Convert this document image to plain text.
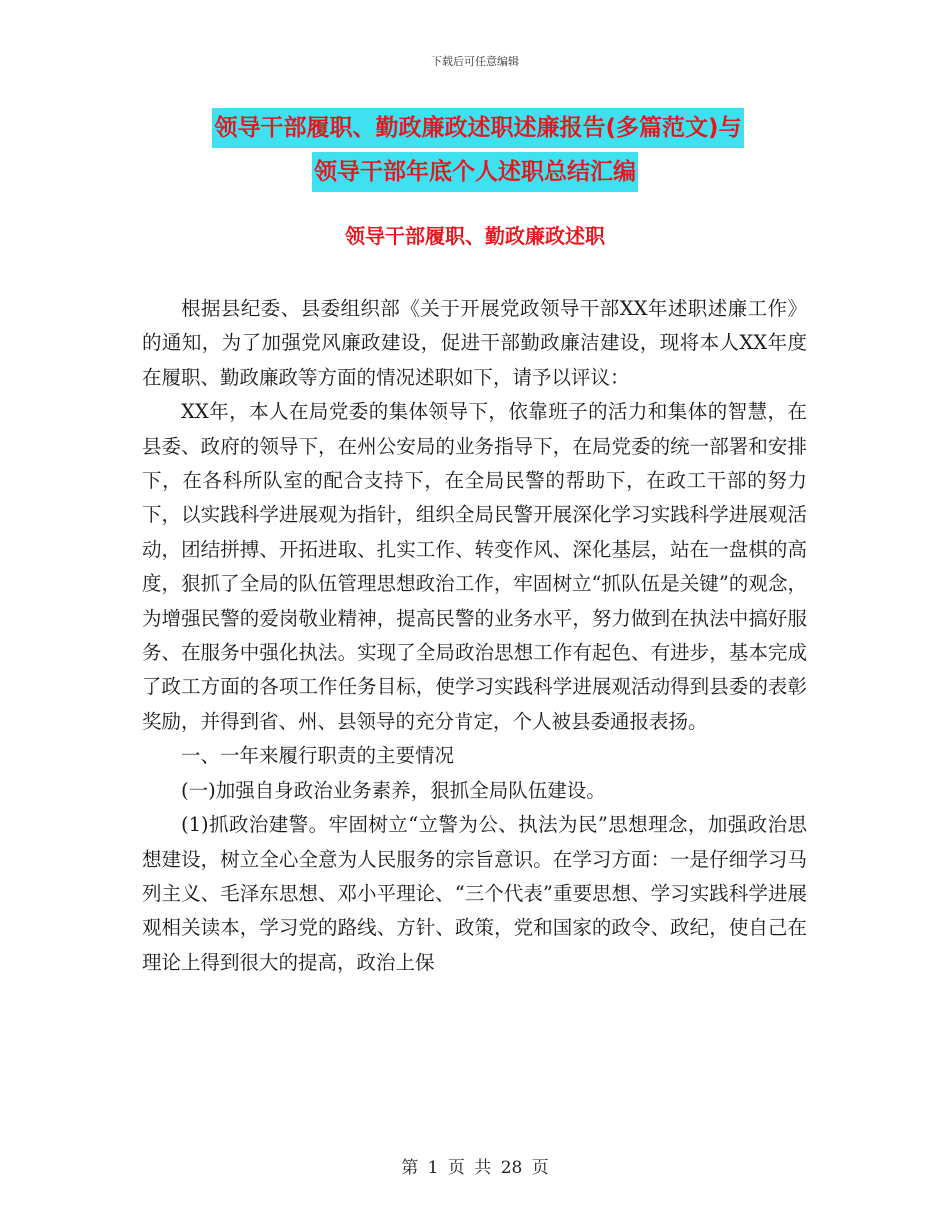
下载后可任意编辑
领导干部履职、勤政廉政述职述廉报告(多篇范文)与
领导干部年底个人述职总结汇编
领导干部履职、勤政廉政述职

根据县纪委、县委组织部《关于开展党政领导干部XX年述职述廉工作》的通知，为了加强党风廉政建设，促进干部勤政廉洁建设，现将本人XX年度在履职、勤政廉政等方面的情况述职如下，请予以评议：

XX年，本人在局党委的集体领导下，依靠班子的活力和集体的智慧，在县委、政府的领导下，在州公安局的业务指导下，在局党委的统一部署和安排下，在各科所队室的配合支持下，在全局民警的帮助下，在政工干部的努力下，以实践科学进展观为指针，组织全局民警开展深化学习实践科学进展观活动，团结拼搏、开拓进取、扎实工作、转变作风、深化基层，站在一盘棋的高度，狠抓了全局的队伍管理思想政治工作，牢固树立“抓队伍是关键”的观念，为增强民警的爱岗敬业精神，提高民警的业务水平，努力做到在执法中搞好服务、在服务中强化执法。实现了全局政治思想工作有起色、有进步，基本完成了政工方面的各项工作任务目标，使学习实践科学进展观活动得到县委的表彰奖励，并得到省、州、县领导的充分肯定，个人被县委通报表扬。

一、一年来履行职责的主要情况

(一)加强自身政治业务素养，狠抓全局队伍建设。

(1)抓政治建警。牢固树立“立警为公、执法为民”思想理念，加强政治思想建设，树立全心全意为人民服务的宗旨意识。在学习方面：一是仔细学习马列主义、毛泽东思想、邓小平理论、“三个代表”重要思想、学习实践科学进展观相关读本，学习党的路线、方针、政策，党和国家的政令、政纪，使自己在理论上得到很大的提高，政治上保

第 1 页 共 28 页
